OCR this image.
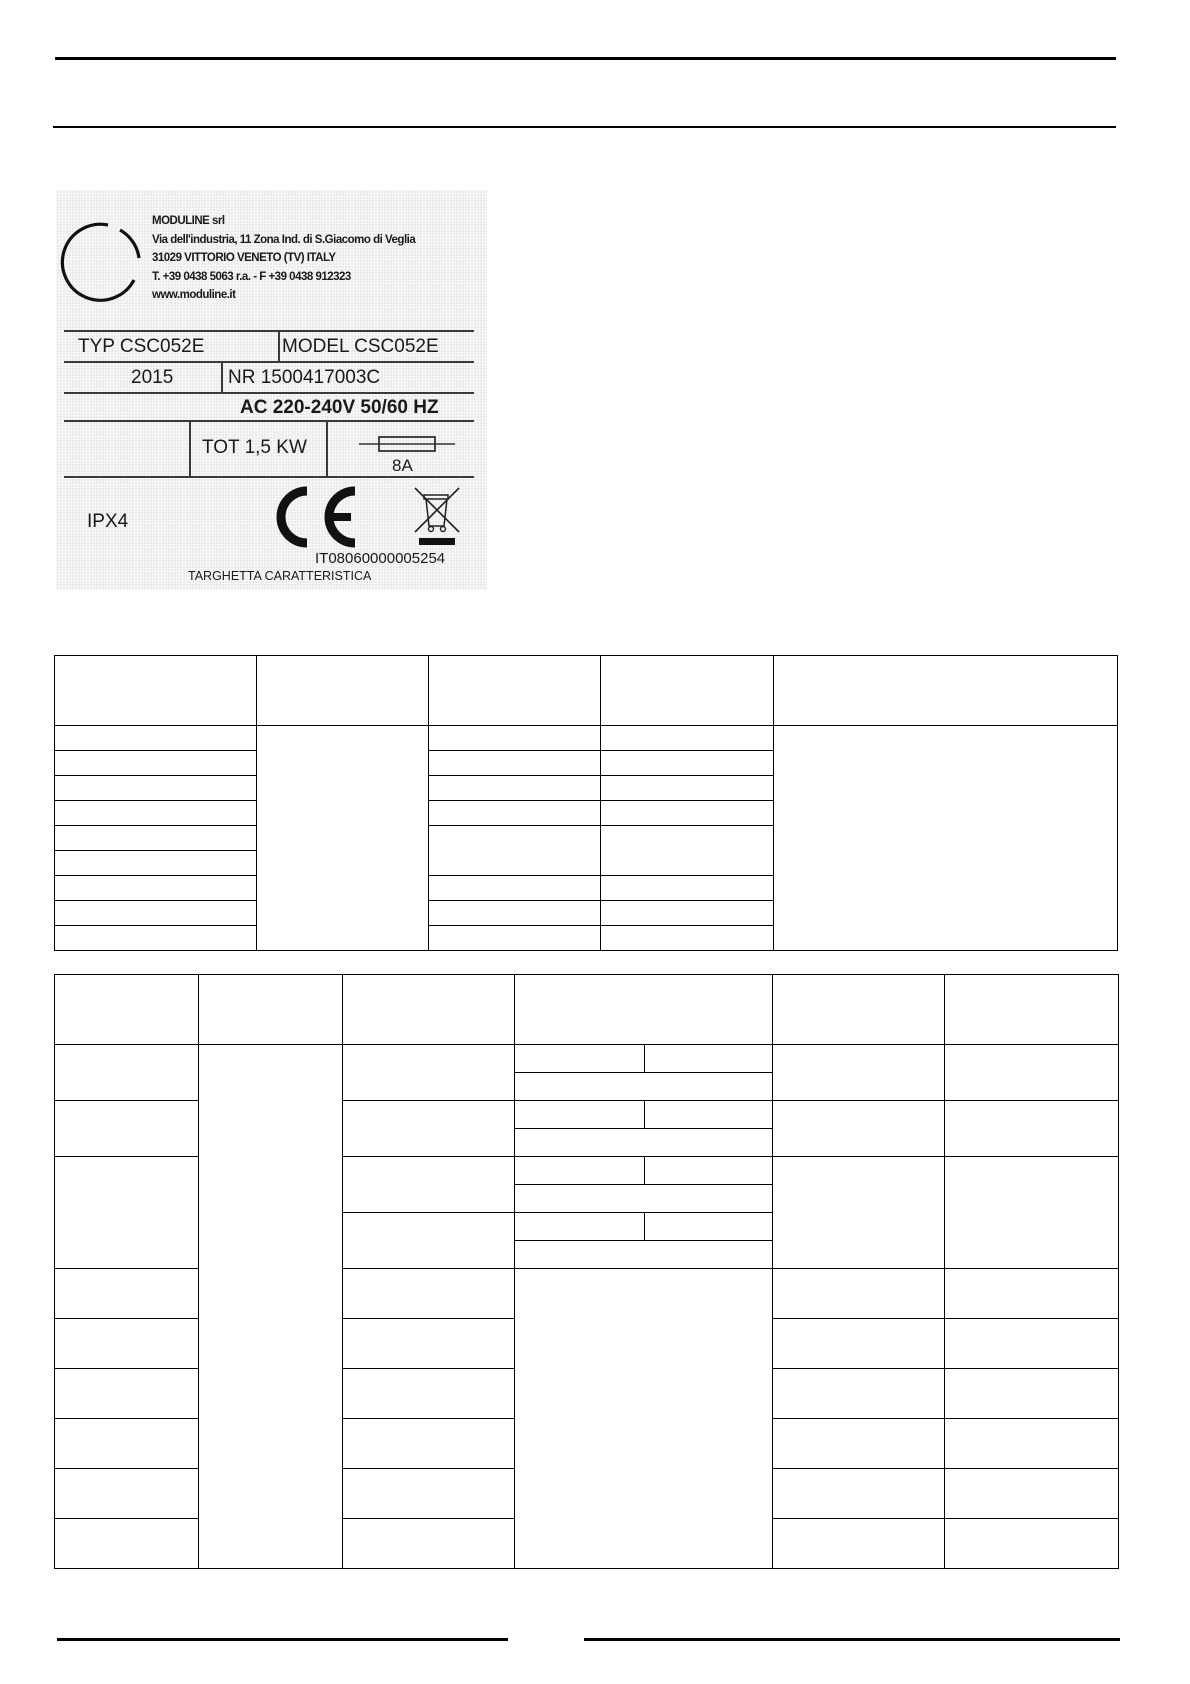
MODULINE srl
Via dell'industria, 11 Zona Ind. di S.Giacomo di Veglia
31029 VITTORIO VENETO (TV) ITALY
T. +39 0438 5063 r.a. - F +39 0438 912323
www.moduline.it
TYP CSC052E	MODEL CSC052E
2015	NR 1500417003C
AC 220-240V 50/60 HZ
TOT 1,5 KW
8A
IPX4
IT08060000005254
TARGHETTA CARATTERISTICA
